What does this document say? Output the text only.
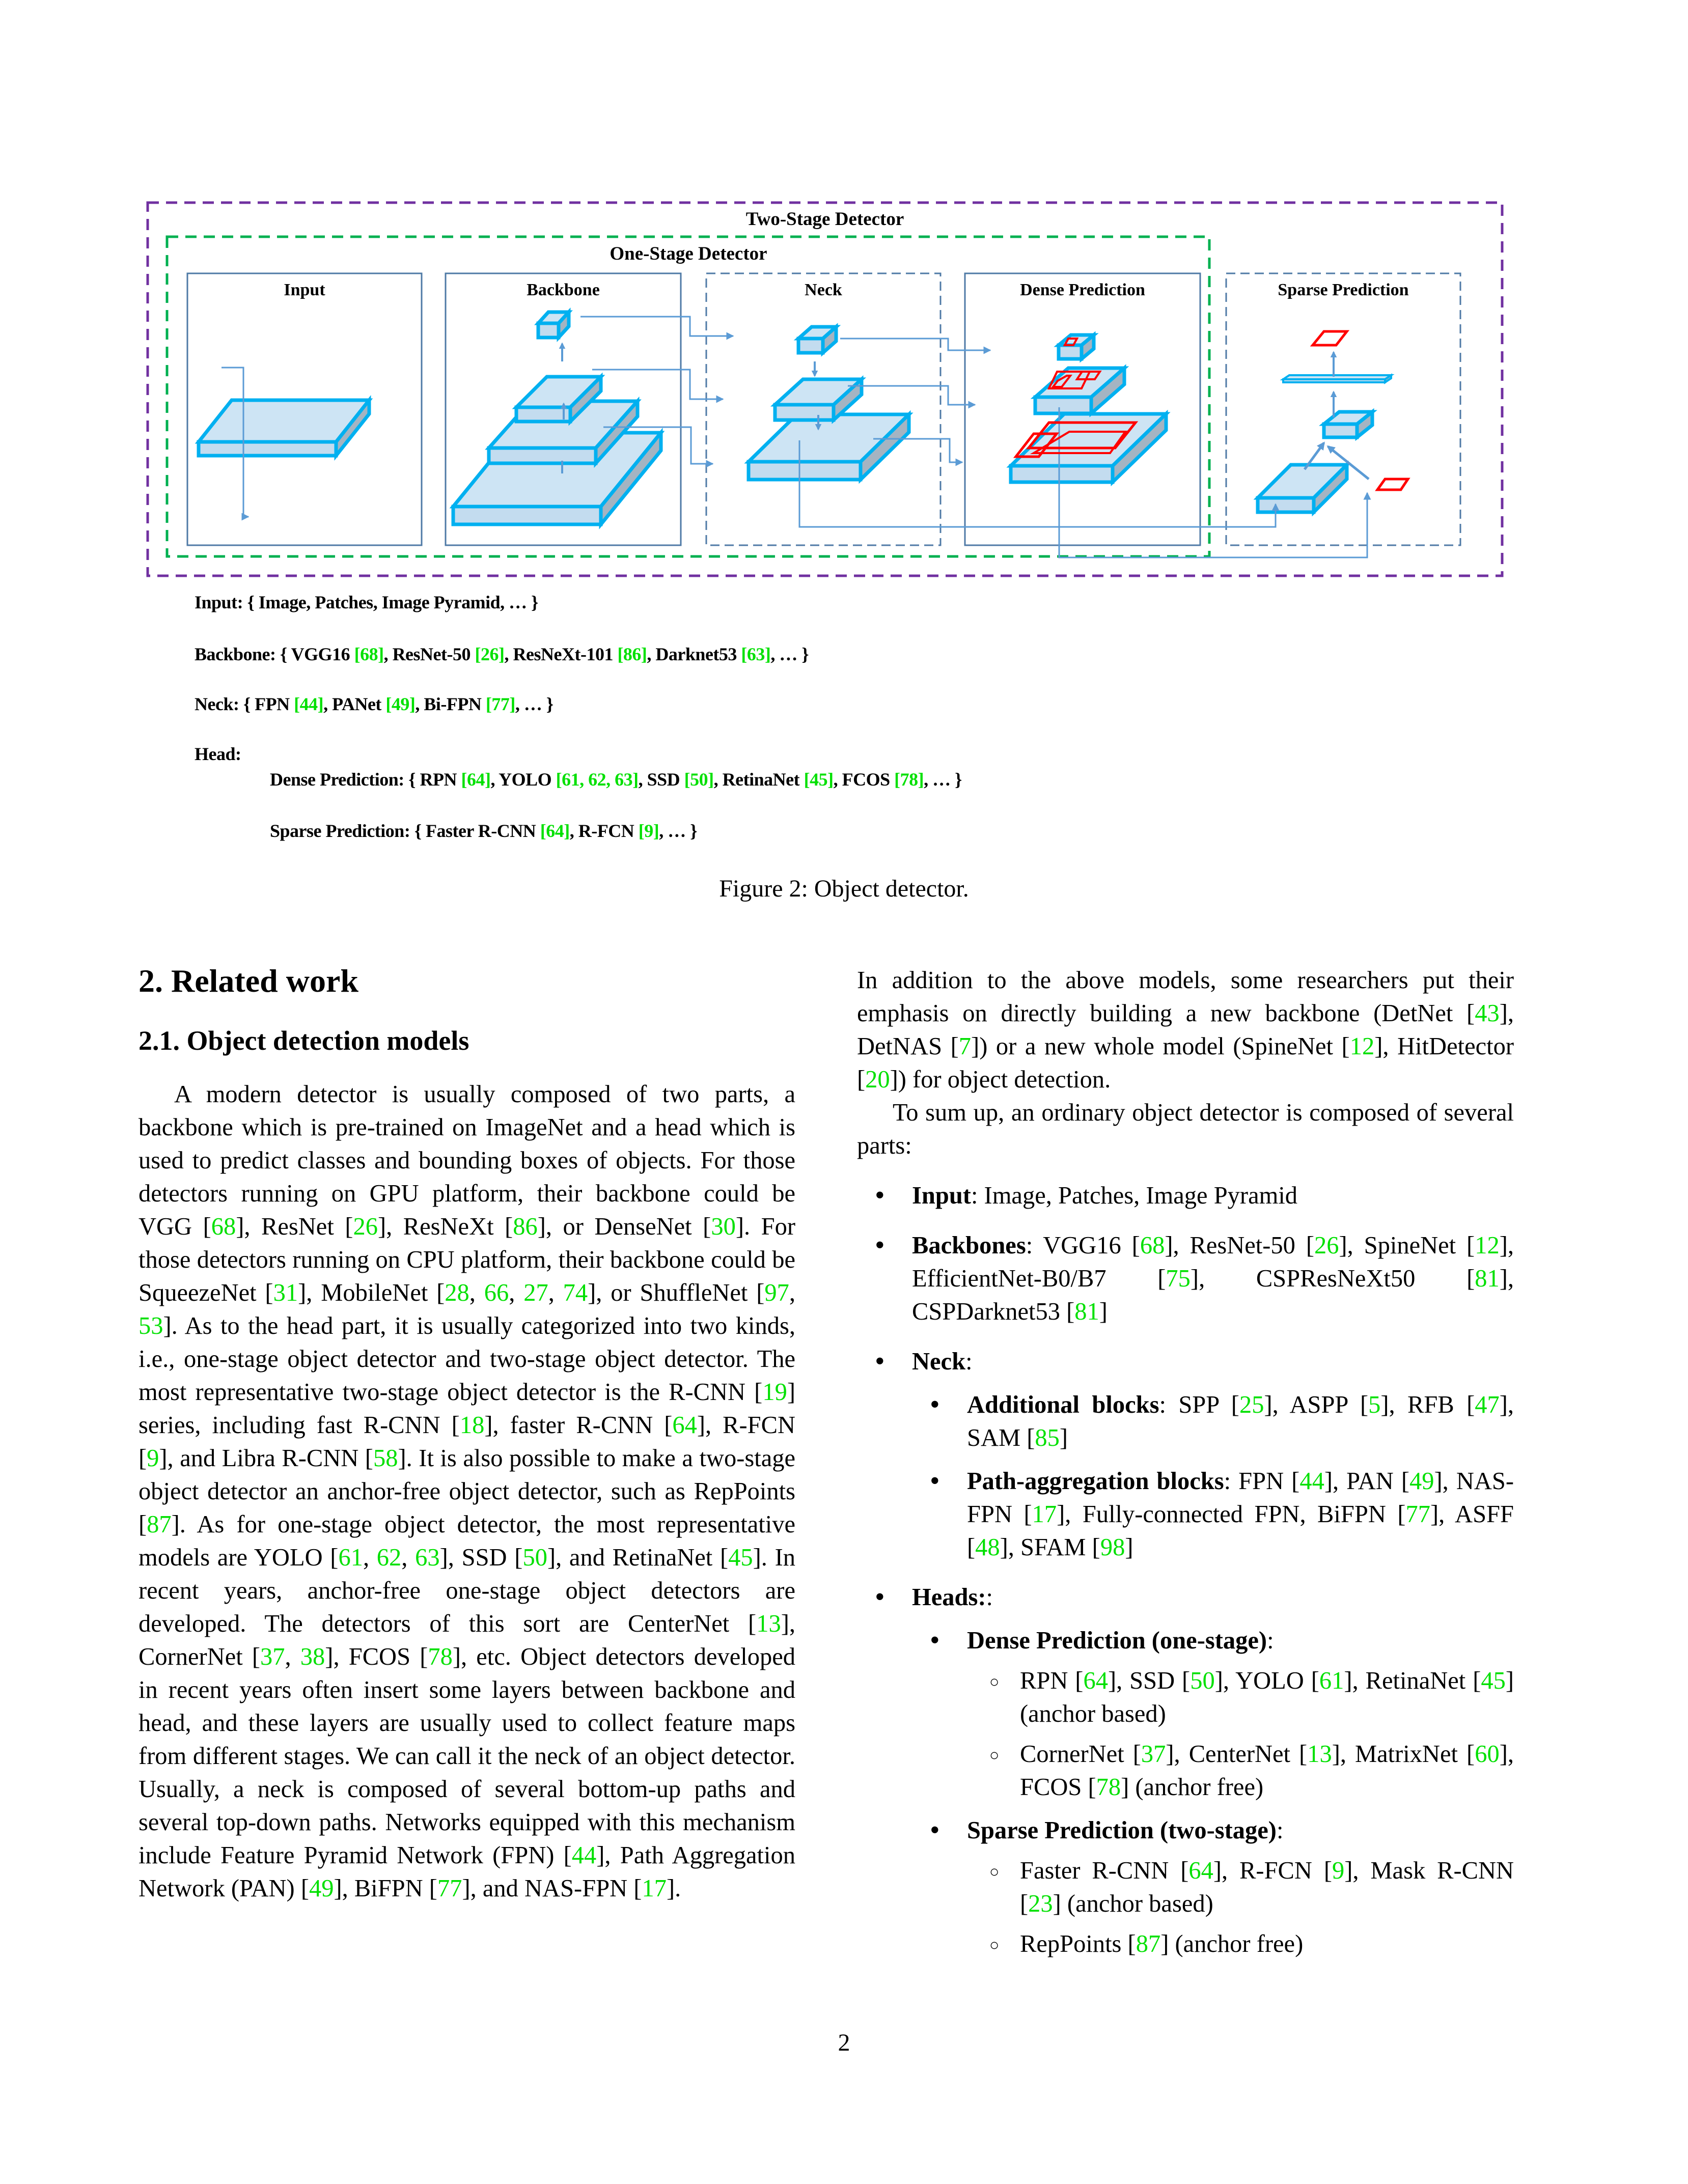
Two-Stage Detector
One-Stage Detector
Input	Backbone	Neck	Dense Prediction	Sparse Prediction
Input: { Image, Patches, Image Pyramid, … }
Backbone: { VGG16 [68], ResNet-50 [26], ResNeXt-101 [86], Darknet53 [63], … }
Neck: { FPN [44], PANet [49], Bi-FPN [77], … }
Head:
Dense Prediction: { RPN [64], YOLO [61, 62, 63], SSD [50], RetinaNet [45], FCOS [78], … }
Sparse Prediction: { Faster R-CNN [64], R-FCN [9], … }
Figure 2: Object detector.
2. Related work
2.1. Object detection models

A modern detector is usually composed of two parts, a backbone which is pre-trained on ImageNet and a head which is used to predict classes and bounding boxes of objects. For those detectors running on GPU platform, their backbone could be VGG [68], ResNet [26], ResNeXt [86], or DenseNet [30]. For those detectors running on CPU platform, their backbone could be SqueezeNet [31], MobileNet [28, 66, 27, 74], or ShuffleNet [97, 53]. As to the head part, it is usually categorized into two kinds, i.e., one-stage object detector and two-stage object detector. The most representative two-stage object detector is the R-CNN [19] series, including fast R-CNN [18], faster R-CNN [64], R-FCN [9], and Libra R-CNN [58]. It is also possible to make a two-stage object detector an anchor-free object detector, such as RepPoints [87]. As for one-stage object detector, the most representative models are YOLO [61, 62, 63], SSD [50], and RetinaNet [45]. In recent years, anchor-free one-stage object detectors are developed. The detectors of this sort are CenterNet [13], CornerNet [37, 38], FCOS [78], etc. Object detectors developed in recent years often insert some layers between backbone and head, and these layers are usually used to collect feature maps from different stages. We can call it the neck of an object detector. Usually, a neck is composed of several bottom-up paths and several top-down paths. Networks equipped with this mechanism include Feature Pyramid Network (FPN) [44], Path Aggregation Network (PAN) [49], BiFPN [77], and NAS-FPN [17].

In addition to the above models, some researchers put their emphasis on directly building a new backbone (DetNet [43], DetNAS [7]) or a new whole model (SpineNet [12], HitDetector [20]) for object detection.

To sum up, an ordinary object detector is composed of several parts:

• Input: Image, Patches, Image Pyramid
• Backbones: VGG16 [68], ResNet-50 [26], SpineNet [12], EfficientNet-B0/B7 [75], CSPResNeXt50 [81], CSPDarknet53 [81]
• Neck:
• Additional blocks: SPP [25], ASPP [5], RFB [47], SAM [85]
• Path-aggregation blocks: FPN [44], PAN [49], NAS-FPN [17], Fully-connected FPN, BiFPN [77], ASFF [48], SFAM [98]
• Heads::
• Dense Prediction (one-stage):
○ RPN [64], SSD [50], YOLO [61], RetinaNet [45] (anchor based)
○ CornerNet [37], CenterNet [13], MatrixNet [60], FCOS [78] (anchor free)
• Sparse Prediction (two-stage):
○ Faster R-CNN [64], R-FCN [9], Mask R-CNN [23] (anchor based)
○ RepPoints [87] (anchor free)
2
